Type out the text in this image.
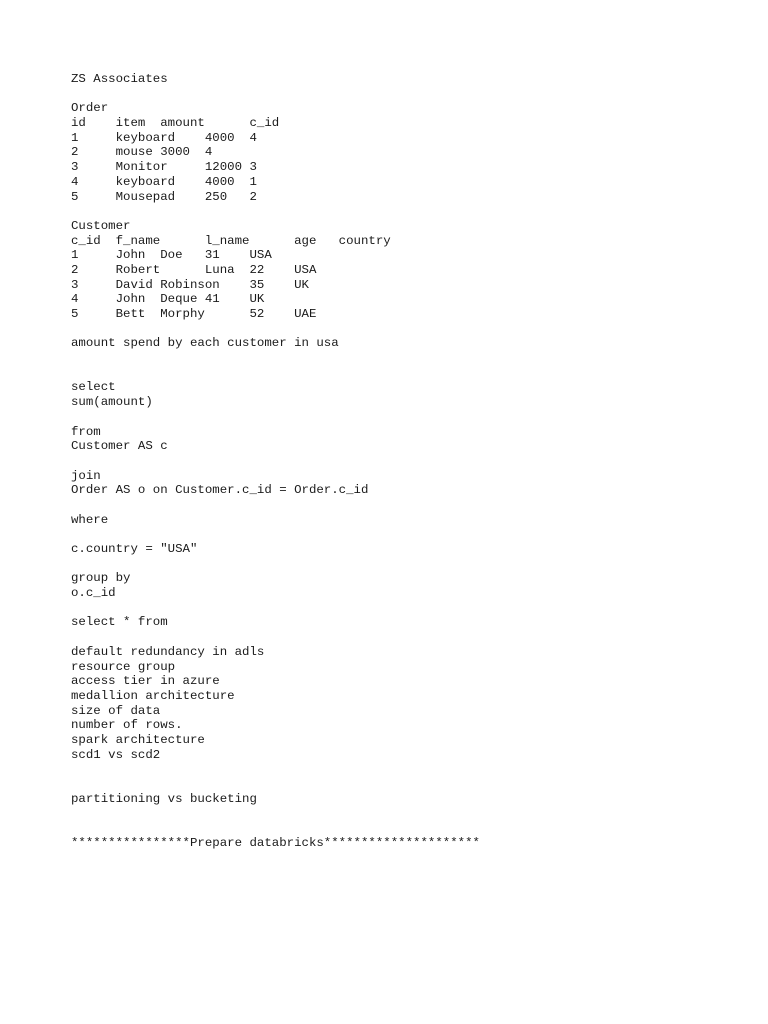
ZS Associates
Order
id    item  amount      c_id
1     keyboard    4000  4
2     mouse 3000  4
3     Monitor     12000 3
4     keyboard    4000  1
5     Mousepad    250   2
Customer
c_id  f_name      l_name      age   country
1     John  Doe   31    USA
2     Robert      Luna  22    USA
3     David Robinson    35    UK
4     John  Deque 41    UK
5     Bett  Morphy      52    UAE
amount spend by each customer in usa
select
sum(amount)
from
Customer AS c
join
Order AS o on Customer.c_id = Order.c_id
where
c.country = "USA"
group by
o.c_id
select * from
default redundancy in adls
resource group
access tier in azure
medallion architecture
size of data
number of rows.
spark architecture
scd1 vs scd2
partitioning vs bucketing
****************Prepare databricks*********************
